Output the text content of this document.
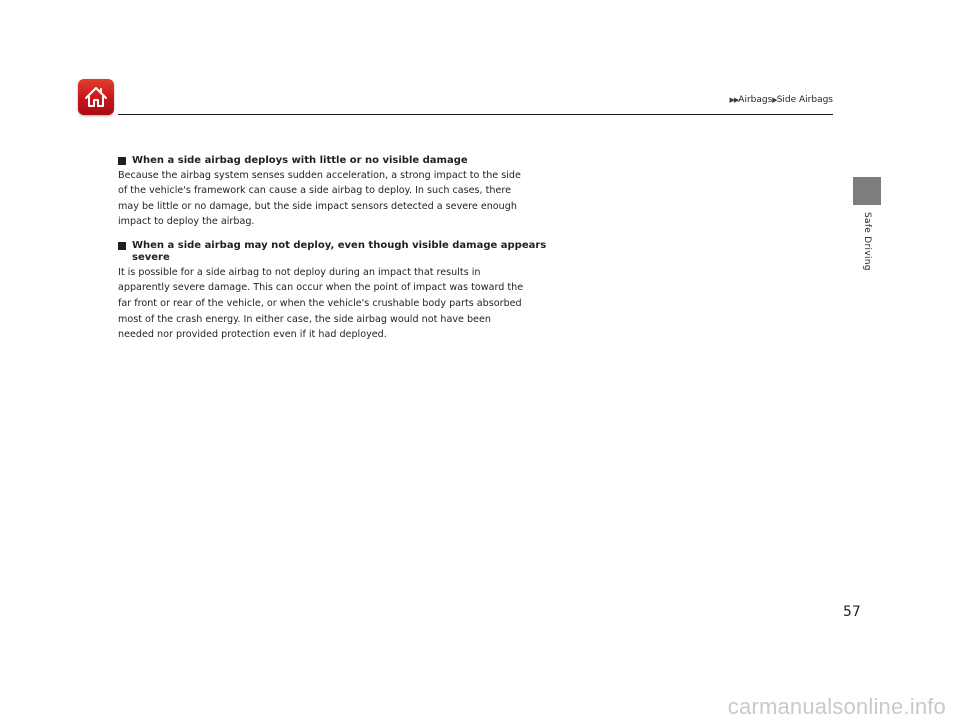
▶▶Airbags▶Side Airbags

When a side airbag deploys with little or no visible damage

Because the airbag system senses sudden acceleration, a strong impact to the side
of the vehicle's framework can cause a side airbag to deploy. In such cases, there
may be little or no damage, but the side impact sensors detected a severe enough
impact to deploy the airbag.

When a side airbag may not deploy, even though visible damage appears
severe

It is possible for a side airbag to not deploy during an impact that results in
apparently severe damage. This can occur when the point of impact was toward the
far front or rear of the vehicle, or when the vehicle's crushable body parts absorbed
most of the crash energy. In either case, the side airbag would not have been
needed nor provided protection even if it had deployed.

Safe Driving
57
carmanualsonline.info
